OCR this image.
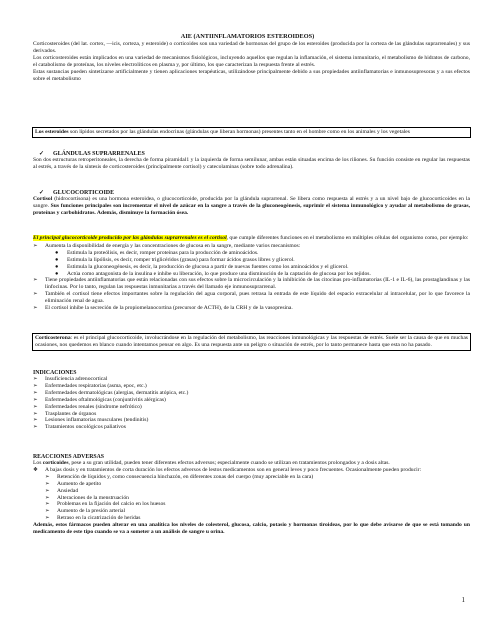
AIE (ANTIINFLAMATORIOS ESTEROIDEOS)

Corticosteroides (del lat. cortex, —icis, corteza, y esteroide) o corticoides son una variedad de hormonas del grupo de los esteroides (producida por la corteza de las glándulas suprarrenales) y sus derivados.

Los corticosteroides están implicados en una variedad de mecanismos fisiológicos, incluyendo aquellos que regulan la inflamación, el sistema inmunitario, el metabolismo de hidratos de carbono, el catabolismo de proteínas, los niveles electrolíticos en plasma y, por último, los que caracterizan la respuesta frente al estrés.

Estas sustancias pueden sintetizarse artificialmente y tienen aplicaciones terapéuticas, utilizándose principalmente debido a sus propiedades antiinflamatorias e inmunosupresoras y a sus efectos sobre el metabolismo

Los esteroides son lípidos secretados por las glándulas endocrinas (glándulas que liberan hormonas) presentes tanto en el hombre como en los animales y los vegetales

✓	GLÁNDULAS SUPRARRENALES

Son dos estructuras retroperitoneales, la derecha de forma piramidal1 y la izquierda de forma semilunar, ambas están situadas encima de los riñones. Su función consiste en regular las respuestas al estrés, a través de la síntesis de corticosteroides (principalmente cortisol) y catecolaminas (sobre todo adrenalina).

✓	GLUCOCORTICOIDE

Cortisol (hidrocortisona) es una hormona esteroidea, o glucocorticoide, producida por la glándula suprarrenal. Se libera como respuesta al estrés y a un nivel bajo de glucocorticoides en la sangre. Sus funciones principales son incrementar el nivel de azúcar en la sangre a través de la gluconeogénesis, suprimir el sistema inmunológico y ayudar al metabolismo de grasas, proteínas y carbohidratos. Además, disminuye la formación ósea.

El principal glucocorticoide producido por las glándulas suprarrenales es el cortisol, que cumple diferentes funciones en el metabolismo en múltiples células del organismo como, por ejemplo:

➢	Aumenta la disponibilidad de energía y las concentraciones de glucosa en la sangre, mediante varios mecanismos:
●	Estimula la proteólisis, es decir, romper proteínas para la producción de aminoácidos.
●	Estimula la lipólisis, es decir, romper triglicéridos (grasas) para formar ácidos grasos libres y glicerol.
●	Estimula la gluconeogénesis, es decir, la producción de glucosa a partir de nuevas fuentes como los aminoácidos y el glicerol.
●	Actúa como antagonista de la insulina e inhibe su liberación, lo que produce una disminución de la captación de glucosa por los tejidos.
➢	Tiene propiedades antiinflamatorias que están relacionadas con sus efectos sobre la microcirculación y la inhibición de las citocinas pro-inflamatorias (IL-1 e IL-6), las prostaglandinas y las linfocinas. Por lo tanto, regulan las respuestas inmunitarias a través del llamado eje inmunosuprarrenal.
➢	También el cortisol tiene efectos importantes sobre la regulación del agua corporal, pues retrasa la entrada de este líquido del espacio extracelular al intracelular, por lo que favorece la eliminación renal de agua.
➢	El cortisol inhibe la secreción de la propiomelanocortina (precursor de ACTH), de la CRH y de la vasopresina.

Corticosterona: es el principal glucocorticoide, involucrándose en la regulación del metabolismo, las reacciones inmunológicas y las respuestas de estrés. Suele ser la causa de que en muchas ocasiones, nos quedemos en blanco cuando intentamos pensar en algo. Es una respuesta ante un peligro o situación de estrés, por lo tanto permanece hasta que esta no ha pasado.

INDICACIONES
➢	Insuficiencia adrenocortical
➢	Enfermedades respiratorias (asma, epoc, etc.)
➢	Enfermedades dermatológicas (alergias, dermatitis atópica, etc.)
➢	Enfermedades oftalmológicas (conjuntivitis alérgicas)
➢	Enfermedades renales (síndrome nefrótico)
➢	Trasplantes de órganos
➢	Lesiones inflamatorias musculares (tendinitis)
➢	Tratamientos oncológicos paliativos
REACCIONES ADVERSAS

Los corticoides, pese a su gran utilidad, pueden tener diferentes efectos adversos; especialmente cuando se utilizan en tratamientos prolongados y a dosis altas.

❖	A bajas dosis y en tratamientos de corta duración los efectos adversos de lestos medicamentos son en general leves y poco frecuentes. Ocasionalmente pueden producir:
➢	Retención de líquidos y, como consecuencia hinchazón, en diferentes zonas del cuerpo (muy apreciable en la cara)
➢	Aumento de apetito
➢	Ansiedad
➢	Alteraciones de la menstruación
➢	Problemas en la fijación del calcio en los huesos
➢	Aumento de la presión arterial
➢	Retraso en la cicatrización de heridas

Además, estos fármacos pueden alterar en una analítica los niveles de colesterol, glucosa, calcio, potasio y hormonas tiroideas, por lo que debe avisarse de que se está tomando un medicamento de este tipo cuando se va a someter a un análisis de sangre u orina.

1
